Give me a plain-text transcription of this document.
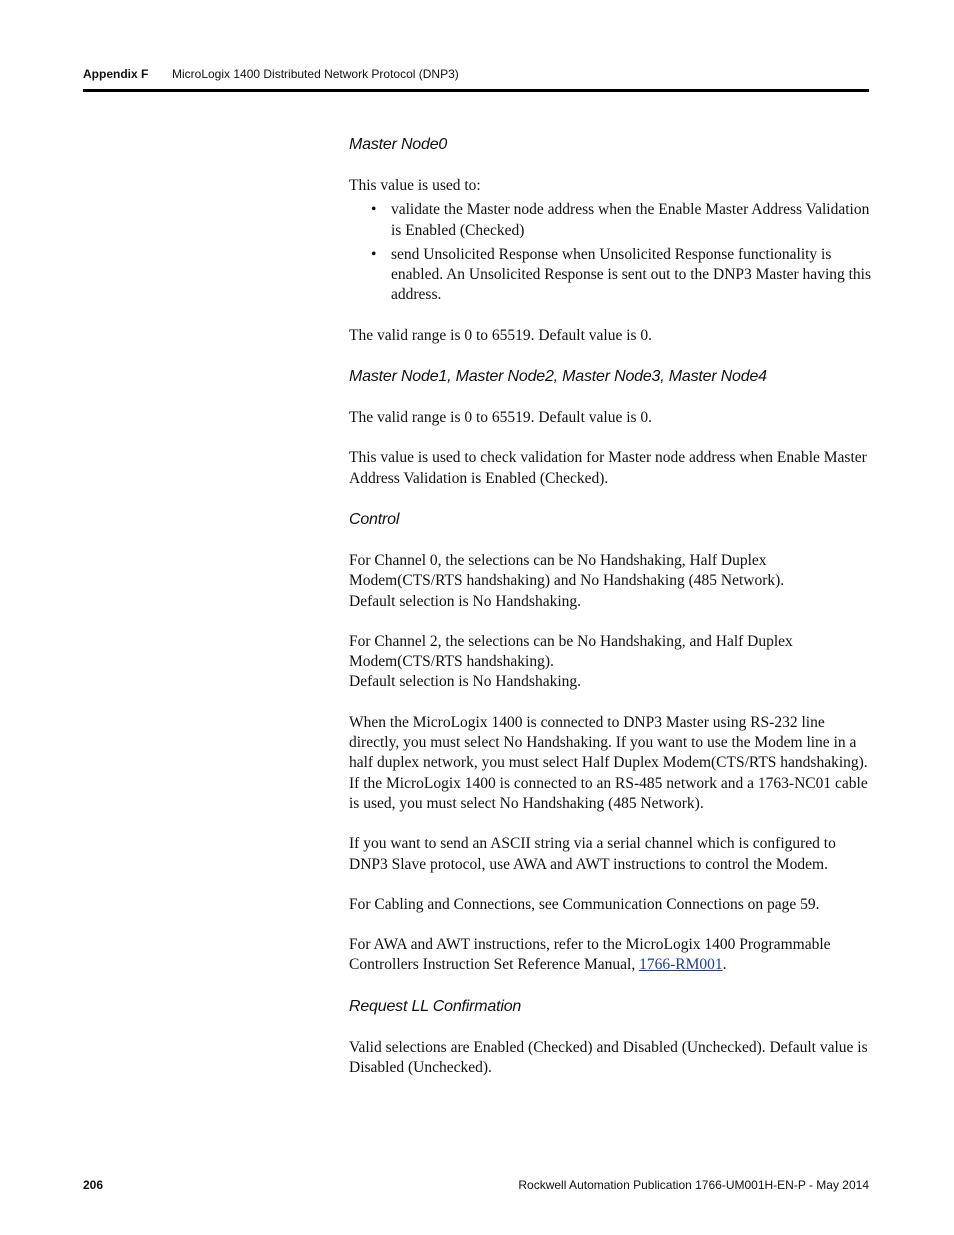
Appendix F MicroLogix 1400 Distributed Network Protocol (DNP3)
Master Node0

This value is used to:

• validate the Master node address when the Enable Master Address Validation is Enabled (Checked)
• send Unsolicited Response when Unsolicited Response functionality is enabled. An Unsolicited Response is sent out to the DNP3 Master having this address.

The valid range is 0 to 65519. Default value is 0.

Master Node1, Master Node2, Master Node3, Master Node4

The valid range is 0 to 65519. Default value is 0.

This value is used to check validation for Master node address when Enable Master Address Validation is Enabled (Checked).

Control

For Channel 0, the selections can be No Handshaking, Half Duplex Modem(CTS/RTS handshaking) and No Handshaking (485 Network).
Default selection is No Handshaking.

For Channel 2, the selections can be No Handshaking, and Half Duplex Modem(CTS/RTS handshaking).
Default selection is No Handshaking.

When the MicroLogix 1400 is connected to DNP3 Master using RS-232 line directly, you must select No Handshaking. If you want to use the Modem line in a half duplex network, you must select Half Duplex Modem(CTS/RTS handshaking). If the MicroLogix 1400 is connected to an RS-485 network and a 1763-NC01 cable is used, you must select No Handshaking (485 Network).

If you want to send an ASCII string via a serial channel which is configured to DNP3 Slave protocol, use AWA and AWT instructions to control the Modem.

For Cabling and Connections, see Communication Connections on page 59.

For AWA and AWT instructions, refer to the MicroLogix 1400 Programmable Controllers Instruction Set Reference Manual, 1766-RM001.

Request LL Confirmation

Valid selections are Enabled (Checked) and Disabled (Unchecked). Default value is Disabled (Unchecked).

206	Rockwell Automation Publication 1766-UM001H-EN-P - May 2014
